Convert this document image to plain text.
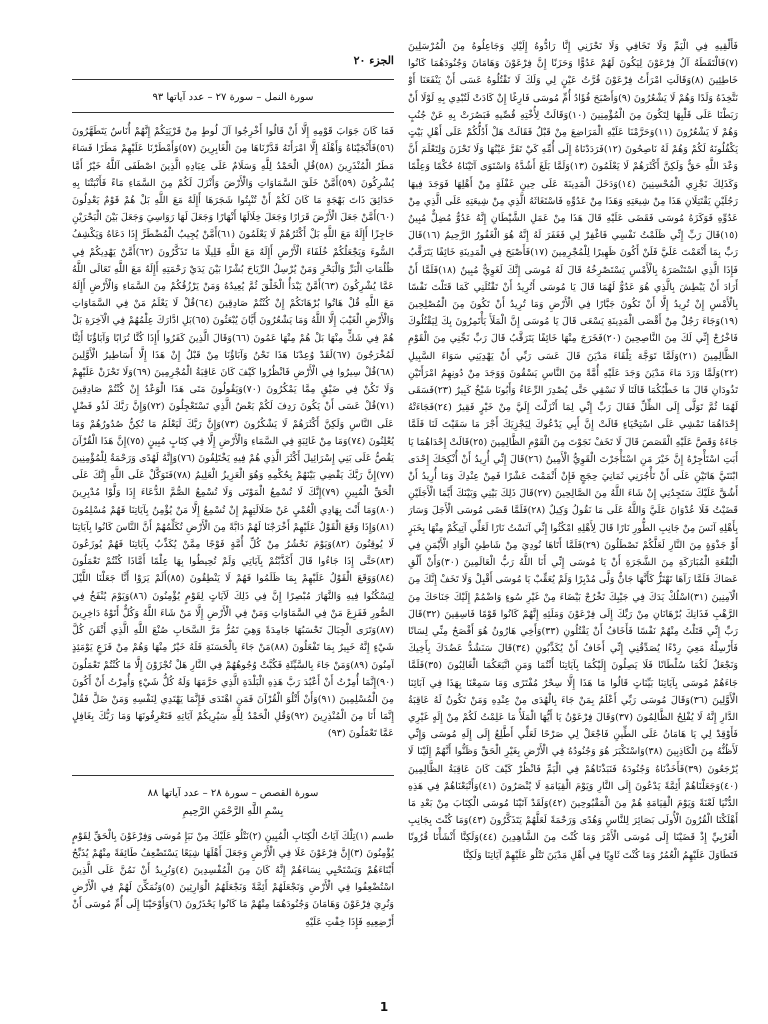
فَأَلْقِيهِ فِي الْيَمِّ وَلَا تَخَافِي وَلَا تَحْزَنِي إِنَّا رَادُّوهُ إِلَيْكِ وَجَاعِلُوهُ مِنَ الْمُرْسَلِينَ (٧)فَالْتَقَطَهُ آلُ فِرْعَوْنَ لِيَكُونَ لَهُمْ عَدُوًّا وَحَزَنًا إِنَّ فِرْعَوْنَ وَهَامَانَ وَجُنُودَهُمَا كَانُوا خَاطِئِينَ (٨)وَقَالَتِ امْرَأَتُ فِرْعَوْنَ قُرَّتُ عَيْنٍ لِي وَلَكَ لَا تَقْتُلُوهُ عَسَى أَنْ يَنْفَعَنَا أَوْ نَتَّخِذَهُ وَلَدًا وَهُمْ لَا يَشْعُرُونَ (٩)وَأَصْبَحَ فُؤَادُ أُمِّ مُوسَى فَارِغًا إِنْ كَادَتْ لَتُبْدِي بِهِ لَوْلَا أَنْ رَبَطْنَا عَلَى قَلْبِهَا لِتَكُونَ مِنَ الْمُؤْمِنِينَ (١٠)وَقَالَتْ لِأُخْتِهِ قُصِّيهِ فَبَصُرَتْ بِهِ عَنْ جُنُبٍ وَهُمْ لَا يَشْعُرُونَ (١١)وَحَرَّمْنَا عَلَيْهِ الْمَرَاضِعَ مِنْ قَبْلُ فَقَالَتْ هَلْ أَدُلُّكُمْ عَلَى أَهْلِ بَيْتٍ يَكْفُلُونَهُ لَكُمْ وَهُمْ لَهُ نَاصِحُونَ (١٢)فَرَدَدْنَاهُ إِلَى أُمِّهِ كَيْ تَقَرَّ عَيْنُهَا وَلَا تَحْزَنَ وَلِتَعْلَمَ أَنَّ وَعْدَ اللَّهِ حَقٌّ وَلَكِنَّ أَكْثَرَهُمْ لَا يَعْلَمُونَ (١٣)وَلَمَّا بَلَغَ أَشُدَّهُ وَاسْتَوَى آتَيْنَاهُ حُكْمًا وَعِلْمًا وَكَذَلِكَ نَجْزِي الْمُحْسِنِينَ (١٤)وَدَخَلَ الْمَدِينَةَ عَلَى حِينِ غَفْلَةٍ مِنْ أَهْلِهَا فَوَجَدَ فِيهَا رَجُلَيْنِ يَقْتَتِلَانِ هَذَا مِنْ شِيعَتِهِ وَهَذَا مِنْ عَدُوِّهِ فَاسْتَغَاثَهُ الَّذِي مِنْ شِيعَتِهِ عَلَى الَّذِي مِنْ عَدُوِّهِ فَوَكَزَهُ مُوسَى فَقَضَى عَلَيْهِ قَالَ هَذَا مِنْ عَمَلِ الشَّيْطَانِ إِنَّهُ عَدُوٌّ مُضِلٌّ مُبِينٌ (١٥)قَالَ رَبِّ إِنِّي ظَلَمْتُ نَفْسِي فَاغْفِرْ لِي فَغَفَرَ لَهُ إِنَّهُ هُوَ الْغَفُورُ الرَّحِيمُ (١٦)قَالَ رَبِّ بِمَا أَنْعَمْتَ عَلَيَّ فَلَنْ أَكُونَ ظَهِيرًا لِلْمُجْرِمِينَ (١٧)فَأَصْبَحَ فِي الْمَدِينَةِ خَائِفًا يَتَرَقَّبُ فَإِذَا الَّذِي اسْتَنْصَرَهُ بِالْأَمْسِ يَسْتَصْرِخُهُ قَالَ لَهُ مُوسَى إِنَّكَ لَغَوِيٌّ مُبِينٌ (١٨)فَلَمَّا أَنْ أَرَادَ أَنْ يَبْطِشَ بِالَّذِي هُوَ عَدُوٌّ لَهُمَا قَالَ يَا مُوسَى أَتُرِيدُ أَنْ تَقْتُلَنِي كَمَا قَتَلْتَ نَفْسًا بِالْأَمْسِ إِنْ تُرِيدُ إِلَّا أَنْ تَكُونَ جَبَّارًا فِي الْأَرْضِ وَمَا تُرِيدُ أَنْ تَكُونَ مِنَ الْمُصْلِحِينَ (١٩)وَجَاءَ رَجُلٌ مِنْ أَقْصَى الْمَدِينَةِ يَسْعَى قَالَ يَا مُوسَى إِنَّ الْمَلَأَ يَأْتَمِرُونَ بِكَ لِيَقْتُلُوكَ فَاخْرُجْ إِنِّي لَكَ مِنَ النَّاصِحِينَ (٢٠)فَخَرَجَ مِنْهَا خَائِفًا يَتَرَقَّبُ قَالَ رَبِّ نَجِّنِي مِنَ الْقَوْمِ الظَّالِمِينَ (٢١)وَلَمَّا تَوَجَّهَ تِلْقَاءَ مَدْيَنَ قَالَ عَسَى رَبِّي أَنْ يَهْدِيَنِي سَوَاءَ السَّبِيلِ (٢٢)وَلَمَّا وَرَدَ مَاءَ مَدْيَنَ وَجَدَ عَلَيْهِ أُمَّةً مِنَ النَّاسِ يَسْقُونَ وَوَجَدَ مِنْ دُونِهِمُ امْرَأَتَيْنِ تَذُودَانِ قَالَ مَا خَطْبُكُمَا قَالَتَا لَا نَسْقِي حَتَّى يُصْدِرَ الرِّعَاءُ وَأَبُونَا شَيْخٌ كَبِيرٌ (٢٣)فَسَقَى لَهُمَا ثُمَّ تَوَلَّى إِلَى الظِّلِّ فَقَالَ رَبِّ إِنِّي لِمَا أَنْزَلْتَ إِلَيَّ مِنْ خَيْرٍ فَقِيرٌ (٢٤)فَجَاءَتْهُ إِحْدَاهُمَا تَمْشِي عَلَى اسْتِحْيَاءٍ قَالَتْ إِنَّ أَبِي يَدْعُوكَ لِيَجْزِيَكَ أَجْرَ مَا سَقَيْتَ لَنَا فَلَمَّا جَاءَهُ وَقَصَّ عَلَيْهِ الْقَصَصَ قَالَ لَا تَخَفْ نَجَوْتَ مِنَ الْقَوْمِ الظَّالِمِينَ (٢٥)قَالَتْ إِحْدَاهُمَا يَا أَبَتِ اسْتَأْجِرْهُ إِنَّ خَيْرَ مَنِ اسْتَأْجَرْتَ الْقَوِيُّ الْأَمِينُ (٢٦)قَالَ إِنِّي أُرِيدُ أَنْ أُنْكِحَكَ إِحْدَى ابْنَتَيَّ هَاتَيْنِ عَلَى أَنْ تَأْجُرَنِي ثَمَانِيَ حِجَجٍ فَإِنْ أَتْمَمْتَ عَشْرًا فَمِنْ عِنْدِكَ وَمَا أُرِيدُ أَنْ أَشُقَّ عَلَيْكَ سَتَجِدُنِي إِنْ شَاءَ اللَّهُ مِنَ الصَّالِحِينَ (٢٧)قَالَ ذَلِكَ بَيْنِي وَبَيْنَكَ أَيَّمَا الْأَجَلَيْنِ قَضَيْتُ فَلَا عُدْوَانَ عَلَيَّ وَاللَّهُ عَلَى مَا نَقُولُ وَكِيلٌ (٢٨)فَلَمَّا قَضَى مُوسَى الْأَجَلَ وَسَارَ بِأَهْلِهِ آنَسَ مِنْ جَانِبِ الطُّورِ نَارًا قَالَ لِأَهْلِهِ امْكُثُوا إِنِّي آنَسْتُ نَارًا لَعَلِّي آتِيكُمْ مِنْهَا بِخَبَرٍ أَوْ جَذْوَةٍ مِنَ النَّارِ لَعَلَّكُمْ تَصْطَلُونَ (٢٩)فَلَمَّا أَتَاهَا نُودِيَ مِنْ شَاطِئِ الْوَادِ الْأَيْمَنِ فِي الْبُقْعَةِ الْمُبَارَكَةِ مِنَ الشَّجَرَةِ أَنْ يَا مُوسَى إِنِّي أَنَا اللَّهُ رَبُّ الْعَالَمِينَ (٣٠)وَأَنْ أَلْقِ عَصَاكَ فَلَمَّا رَآهَا تَهْتَزُّ كَأَنَّهَا جَانٌّ وَلَّى مُدْبِرًا وَلَمْ يُعَقِّبْ يَا مُوسَى أَقْبِلْ وَلَا تَخَفْ إِنَّكَ مِنَ الْآمِنِينَ (٣١)اسْلُكْ يَدَكَ فِي جَيْبِكَ تَخْرُجْ بَيْضَاءَ مِنْ غَيْرِ سُوءٍ وَاضْمُمْ إِلَيْكَ جَنَاحَكَ مِنَ الرَّهْبِ فَذَانِكَ بُرْهَانَانِ مِنْ رَبِّكَ إِلَى فِرْعَوْنَ وَمَلَئِهِ إِنَّهُمْ كَانُوا قَوْمًا فَاسِقِينَ (٣٢)قَالَ رَبِّ إِنِّي قَتَلْتُ مِنْهُمْ نَفْسًا فَأَخَافُ أَنْ يَقْتُلُونِ (٣٣)وَأَخِي هَارُونُ هُوَ أَفْصَحُ مِنِّي لِسَانًا فَأَرْسِلْهُ مَعِيَ رِدْءًا يُصَدِّقُنِي إِنِّي أَخَافُ أَنْ يُكَذِّبُونِ (٣٤)قَالَ سَنَشُدُّ عَضُدَكَ بِأَخِيكَ وَنَجْعَلُ لَكُمَا سُلْطَانًا فَلَا يَصِلُونَ إِلَيْكُمَا بِآيَاتِنَا أَنْتُمَا وَمَنِ اتَّبَعَكُمَا الْغَالِبُونَ (٣٥)فَلَمَّا جَاءَهُمْ مُوسَى بِآيَاتِنَا بَيِّنَاتٍ قَالُوا مَا هَذَا إِلَّا سِحْرٌ مُفْتَرًى وَمَا سَمِعْنَا بِهَذَا فِي آبَائِنَا الْأَوَّلِينَ (٣٦)وَقَالَ مُوسَى رَبِّي أَعْلَمُ بِمَنْ جَاءَ بِالْهُدَى مِنْ عِنْدِهِ وَمَنْ تَكُونُ لَهُ عَاقِبَةُ الدَّارِ إِنَّهُ لَا يُفْلِحُ الظَّالِمُونَ (٣٧)وَقَالَ فِرْعَوْنُ يَا أَيُّهَا الْمَلَأُ مَا عَلِمْتُ لَكُمْ مِنْ إِلَهٍ غَيْرِي فَأَوْقِدْ لِي يَا هَامَانُ عَلَى الطِّينِ فَاجْعَلْ لِي صَرْحًا لَعَلِّي أَطَّلِعُ إِلَى إِلَهِ مُوسَى وَإِنِّي لَأَظُنُّهُ مِنَ الْكَاذِبِينَ (٣٨)وَاسْتَكْبَرَ هُوَ وَجُنُودُهُ فِي الْأَرْضِ بِغَيْرِ الْحَقِّ وَظَنُّوا أَنَّهُمْ إِلَيْنَا لَا يُرْجَعُونَ (٣٩)فَأَخَذْنَاهُ وَجُنُودَهُ فَنَبَذْنَاهُمْ فِي الْيَمِّ فَانْظُرْ كَيْفَ كَانَ عَاقِبَةُ الظَّالِمِينَ (٤٠)وَجَعَلْنَاهُمْ أَئِمَّةً يَدْعُونَ إِلَى النَّارِ وَيَوْمَ الْقِيَامَةِ لَا يُنْصَرُونَ (٤١)وَأَتْبَعْنَاهُمْ فِي هَذِهِ الدُّنْيَا لَعْنَةً وَيَوْمَ الْقِيَامَةِ هُمْ مِنَ الْمَقْبُوحِينَ (٤٢)وَلَقَدْ آتَيْنَا مُوسَى الْكِتَابَ مِنْ بَعْدِ مَا أَهْلَكْنَا الْقُرُونَ الْأُولَى بَصَائِرَ لِلنَّاسِ وَهُدًى وَرَحْمَةً لَعَلَّهُمْ يَتَذَكَّرُونَ (٤٣)وَمَا كُنْتَ بِجَانِبِ الْغَرْبِيِّ إِذْ قَضَيْنَا إِلَى مُوسَى الْأَمْرَ وَمَا كُنْتَ مِنَ الشَّاهِدِينَ (٤٤)وَلَكِنَّا أَنْشَأْنَا قُرُونًا فَتَطَاوَلَ عَلَيْهِمُ الْعُمُرُ وَمَا كُنْتَ ثَاوِيًا فِي أَهْلِ مَدْيَنَ تَتْلُو عَلَيْهِمْ آيَاتِنَا وَلَكِنَّا

الجزء ٢٠
سورة النمل – سورة ٢٧ – عدد آياتها ٩٣

فَمَا كَانَ جَوَابَ قَوْمِهِ إِلَّا أَنْ قَالُوا أَخْرِجُوا آلَ لُوطٍ مِنْ قَرْيَتِكُمْ إِنَّهُمْ أُنَاسٌ يَتَطَهَّرُونَ (٥٦)فَأَنْجَيْنَاهُ وَأَهْلَهُ إِلَّا امْرَأَتَهُ قَدَّرْنَاهَا مِنَ الْغَابِرِينَ (٥٧)وَأَمْطَرْنَا عَلَيْهِمْ مَطَرًا فَسَاءَ مَطَرُ الْمُنْذَرِينَ (٥٨)قُلِ الْحَمْدُ لِلَّهِ وَسَلَامٌ عَلَى عِبَادِهِ الَّذِينَ اصْطَفَى آللَّهُ خَيْرٌ أَمَّا يُشْرِكُونَ (٥٩)أَمَّنْ خَلَقَ السَّمَاوَاتِ وَالْأَرْضَ وَأَنْزَلَ لَكُمْ مِنَ السَّمَاءِ مَاءً فَأَنْبَتْنَا بِهِ حَدَائِقَ ذَاتَ بَهْجَةٍ مَا كَانَ لَكُمْ أَنْ تُنْبِتُوا شَجَرَهَا أَإِلَهٌ مَعَ اللَّهِ بَلْ هُمْ قَوْمٌ يَعْدِلُونَ (٦٠)أَمَّنْ جَعَلَ الْأَرْضَ قَرَارًا وَجَعَلَ خِلَالَهَا أَنْهَارًا وَجَعَلَ لَهَا رَوَاسِيَ وَجَعَلَ بَيْنَ الْبَحْرَيْنِ حَاجِزًا أَإِلَهٌ مَعَ اللَّهِ بَلْ أَكْثَرُهُمْ لَا يَعْلَمُونَ (٦١)أَمَّنْ يُجِيبُ الْمُضْطَرَّ إِذَا دَعَاهُ وَيَكْشِفُ السُّوءَ وَيَجْعَلُكُمْ خُلَفَاءَ الْأَرْضِ أَإِلَهٌ مَعَ اللَّهِ قَلِيلًا مَا تَذَكَّرُونَ (٦٢)أَمَّنْ يَهْدِيكُمْ فِي ظُلُمَاتِ الْبَرِّ وَالْبَحْرِ وَمَنْ يُرْسِلُ الرِّيَاحَ بُشْرًا بَيْنَ يَدَيْ رَحْمَتِهِ أَإِلَهٌ مَعَ اللَّهِ تَعَالَى اللَّهُ عَمَّا يُشْرِكُونَ (٦٣)أَمَّنْ يَبْدَأُ الْخَلْقَ ثُمَّ يُعِيدُهُ وَمَنْ يَرْزُقُكُمْ مِنَ السَّمَاءِ وَالْأَرْضِ أَإِلَهٌ مَعَ اللَّهِ قُلْ هَاتُوا بُرْهَانَكُمْ إِنْ كُنْتُمْ صَادِقِينَ (٦٤)قُلْ لَا يَعْلَمُ مَنْ فِي السَّمَاوَاتِ وَالْأَرْضِ الْغَيْبَ إِلَّا اللَّهُ وَمَا يَشْعُرُونَ أَيَّانَ يُبْعَثُونَ (٦٥)بَلِ ادَّارَكَ عِلْمُهُمْ فِي الْآخِرَةِ بَلْ هُمْ فِي شَكٍّ مِنْهَا بَلْ هُمْ مِنْهَا عَمُونَ (٦٦)وَقَالَ الَّذِينَ كَفَرُوا أَإِذَا كُنَّا تُرَابًا وَآبَاؤُنَا أَئِنَّا لَمُخْرَجُونَ (٦٧)لَقَدْ وُعِدْنَا هَذَا نَحْنُ وَآبَاؤُنَا مِنْ قَبْلُ إِنْ هَذَا إِلَّا أَسَاطِيرُ الْأَوَّلِينَ (٦٨)قُلْ سِيرُوا فِي الْأَرْضِ فَانْظُرُوا كَيْفَ كَانَ عَاقِبَةُ الْمُجْرِمِينَ (٦٩)وَلَا تَحْزَنْ عَلَيْهِمْ وَلَا تَكُنْ فِي ضَيْقٍ مِمَّا يَمْكُرُونَ (٧٠)وَيَقُولُونَ مَتَى هَذَا الْوَعْدُ إِنْ كُنْتُمْ صَادِقِينَ (٧١)قُلْ عَسَى أَنْ يَكُونَ رَدِفَ لَكُمْ بَعْضُ الَّذِي تَسْتَعْجِلُونَ (٧٢)وَإِنَّ رَبَّكَ لَذُو فَضْلٍ عَلَى النَّاسِ وَلَكِنَّ أَكْثَرَهُمْ لَا يَشْكُرُونَ (٧٣)وَإِنَّ رَبَّكَ لَيَعْلَمُ مَا تُكِنُّ صُدُورُهُمْ وَمَا يُعْلِنُونَ (٧٤)وَمَا مِنْ غَائِبَةٍ فِي السَّمَاءِ وَالْأَرْضِ إِلَّا فِي كِتَابٍ مُبِينٍ (٧٥)إِنَّ هَذَا الْقُرْآنَ يَقُصُّ عَلَى بَنِي إِسْرَائِيلَ أَكْثَرَ الَّذِي هُمْ فِيهِ يَخْتَلِفُونَ (٧٦)وَإِنَّهُ لَهُدًى وَرَحْمَةٌ لِلْمُؤْمِنِينَ (٧٧)إِنَّ رَبَّكَ يَقْضِي بَيْنَهُمْ بِحُكْمِهِ وَهُوَ الْعَزِيزُ الْعَلِيمُ (٧٨)فَتَوَكَّلْ عَلَى اللَّهِ إِنَّكَ عَلَى الْحَقِّ الْمُبِينِ (٧٩)إِنَّكَ لَا تُسْمِعُ الْمَوْتَى وَلَا تُسْمِعُ الصُّمَّ الدُّعَاءَ إِذَا وَلَّوْا مُدْبِرِينَ (٨٠)وَمَا أَنْتَ بِهَادِي الْعُمْيِ عَنْ ضَلَالَتِهِمْ إِنْ تُسْمِعُ إِلَّا مَنْ يُؤْمِنُ بِآيَاتِنَا فَهُمْ مُسْلِمُونَ (٨١)وَإِذَا وَقَعَ الْقَوْلُ عَلَيْهِمْ أَخْرَجْنَا لَهُمْ دَابَّةً مِنَ الْأَرْضِ تُكَلِّمُهُمْ أَنَّ النَّاسَ كَانُوا بِآيَاتِنَا لَا يُوقِنُونَ (٨٢)وَيَوْمَ نَحْشُرُ مِنْ كُلِّ أُمَّةٍ فَوْجًا مِمَّنْ يُكَذِّبُ بِآيَاتِنَا فَهُمْ يُوزَعُونَ (٨٣)حَتَّى إِذَا جَاءُوا قَالَ أَكَذَّبْتُمْ بِآيَاتِي وَلَمْ تُحِيطُوا بِهَا عِلْمًا أَمَّاذَا كُنْتُمْ تَعْمَلُونَ (٨٤)وَوَقَعَ الْقَوْلُ عَلَيْهِمْ بِمَا ظَلَمُوا فَهُمْ لَا يَنْطِقُونَ (٨٥)أَلَمْ يَرَوْا أَنَّا جَعَلْنَا اللَّيْلَ لِيَسْكُنُوا فِيهِ وَالنَّهَارَ مُبْصِرًا إِنَّ فِي ذَلِكَ لَآيَاتٍ لِقَوْمٍ يُؤْمِنُونَ (٨٦)وَيَوْمَ يُنْفَخُ فِي الصُّورِ فَفَزِعَ مَنْ فِي السَّمَاوَاتِ وَمَنْ فِي الْأَرْضِ إِلَّا مَنْ شَاءَ اللَّهُ وَكُلٌّ أَتَوْهُ دَاخِرِينَ (٨٧)وَتَرَى الْجِبَالَ تَحْسَبُهَا جَامِدَةً وَهِيَ تَمُرُّ مَرَّ السَّحَابِ صُنْعَ اللَّهِ الَّذِي أَتْقَنَ كُلَّ شَيْءٍ إِنَّهُ خَبِيرٌ بِمَا تَفْعَلُونَ (٨٨)مَنْ جَاءَ بِالْحَسَنَةِ فَلَهُ خَيْرٌ مِنْهَا وَهُمْ مِنْ فَزَعٍ يَوْمَئِذٍ آمِنُونَ (٨٩)وَمَنْ جَاءَ بِالسَّيِّئَةِ فَكُبَّتْ وُجُوهُهُمْ فِي النَّارِ هَلْ تُجْزَوْنَ إِلَّا مَا كُنْتُمْ تَعْمَلُونَ (٩٠)إِنَّمَا أُمِرْتُ أَنْ أَعْبُدَ رَبَّ هَذِهِ الْبَلْدَةِ الَّذِي حَرَّمَهَا وَلَهُ كُلُّ شَيْءٍ وَأُمِرْتُ أَنْ أَكُونَ مِنَ الْمُسْلِمِينَ (٩١)وَأَنْ أَتْلُوَ الْقُرْآنَ فَمَنِ اهْتَدَى فَإِنَّمَا يَهْتَدِي لِنَفْسِهِ وَمَنْ ضَلَّ فَقُلْ إِنَّمَا أَنَا مِنَ الْمُنْذِرِينَ (٩٢)وَقُلِ الْحَمْدُ لِلَّهِ سَيُرِيكُمْ آيَاتِهِ فَتَعْرِفُونَهَا وَمَا رَبُّكَ بِغَافِلٍ عَمَّا تَعْمَلُونَ (٩٣)

سورة القصص – سورة ٢٨ – عدد آياتها ٨٨
بِسْمِ اللَّهِ الرَّحْمَنِ الرَّحِيمِ

طسم (١)تِلْكَ آيَاتُ الْكِتَابِ الْمُبِينِ (٢)نَتْلُو عَلَيْكَ مِنْ نَبَإِ مُوسَى وَفِرْعَوْنَ بِالْحَقِّ لِقَوْمٍ يُؤْمِنُونَ (٣)إِنَّ فِرْعَوْنَ عَلَا فِي الْأَرْضِ وَجَعَلَ أَهْلَهَا شِيَعًا يَسْتَضْعِفُ طَائِفَةً مِنْهُمْ يُذَبِّحُ أَبْنَاءَهُمْ وَيَسْتَحْيِي نِسَاءَهُمْ إِنَّهُ كَانَ مِنَ الْمُفْسِدِينَ (٤)وَنُرِيدُ أَنْ نَمُنَّ عَلَى الَّذِينَ اسْتُضْعِفُوا فِي الْأَرْضِ وَنَجْعَلَهُمْ أَئِمَّةً وَنَجْعَلَهُمُ الْوَارِثِينَ (٥)وَنُمَكِّنَ لَهُمْ فِي الْأَرْضِ وَنُرِيَ فِرْعَوْنَ وَهَامَانَ وَجُنُودَهُمَا مِنْهُمْ مَا كَانُوا يَحْذَرُونَ (٦)وَأَوْحَيْنَا إِلَى أُمِّ مُوسَى أَنْ أَرْضِعِيهِ فَإِذَا خِفْتِ عَلَيْهِ

1
